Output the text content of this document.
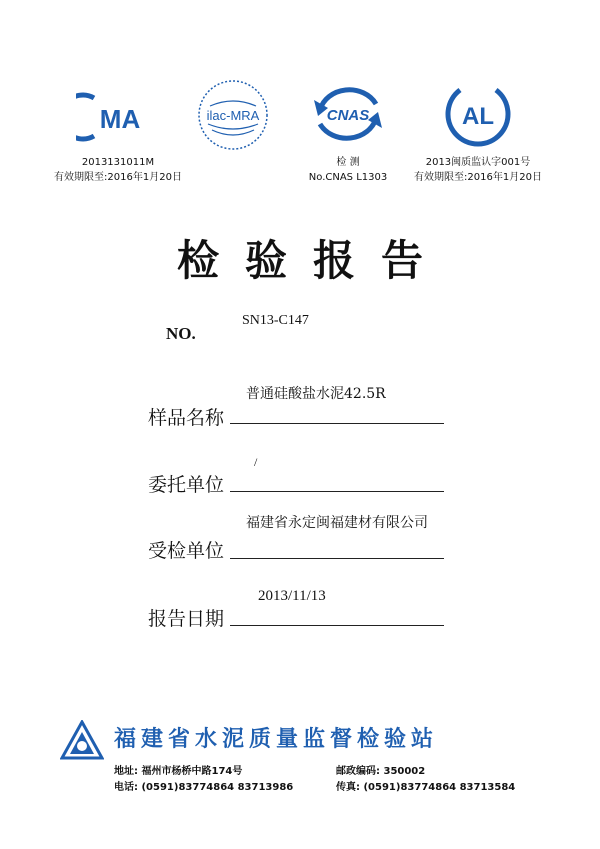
MA
2013131011M
有效期限至:2016年1月20日
ilac-MRA	CNAS
检 测
No.CNAS L1303
AL
2013闽质监认字001号
有效期限至:2016年1月20日
检验报告
NO.
SN13-C147
普通硅酸盐水泥42.5R
样品名称
/
委托单位
福建省永定闽福建材有限公司
受检单位
2013/11/13
报告日期
福建省水泥质量监督检验站
地址: 福州市杨桥中路174号	邮政编码: 350002
电话: (0591)83774864 83713986	传真: (0591)83774864 83713584
